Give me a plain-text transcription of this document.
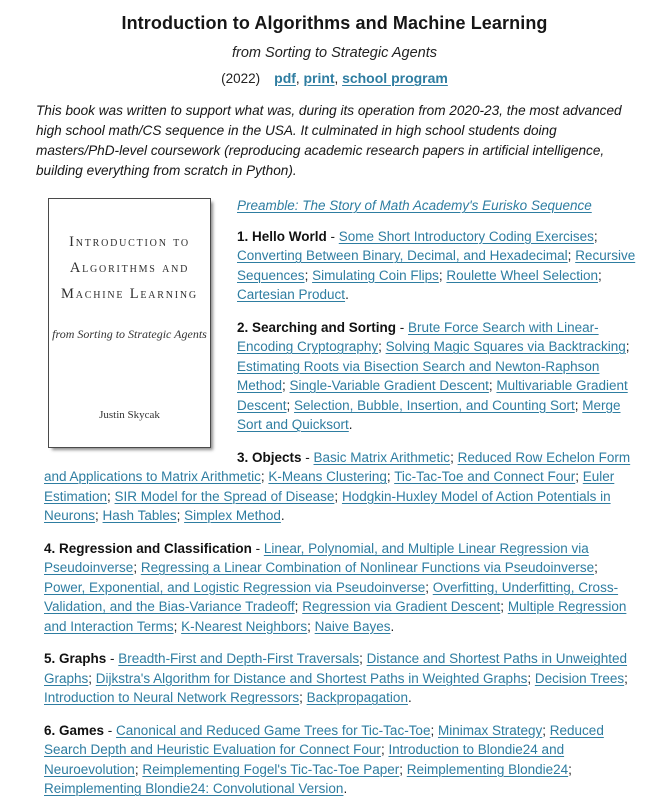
Introduction to Algorithms and Machine Learning
from Sorting to Strategic Agents
(2022) pdf, print, school program

This book was written to support what was, during its operation from 2020-23, the most advanced high school math/CS sequence in the USA. It culminated in high school students doing masters/PhD-level coursework (reproducing academic research papers in artificial intelligence, building everything from scratch in Python).

Introduction to
Algorithms and
Machine Learning
from Sorting to Strategic Agents
Justin Skycak

Preamble: The Story of Math Academy's Eurisko Sequence

1. Hello World - Some Short Introductory Coding Exercises; Converting Between Binary, Decimal, and Hexadecimal; Recursive Sequences; Simulating Coin Flips; Roulette Wheel Selection; Cartesian Product.

2. Searching and Sorting - Brute Force Search with Linear-Encoding Cryptography; Solving Magic Squares via Backtracking; Estimating Roots via Bisection Search and Newton-Raphson Method; Single-Variable Gradient Descent; Multivariable Gradient Descent; Selection, Bubble, Insertion, and Counting Sort; Merge Sort and Quicksort.

3. Objects - Basic Matrix Arithmetic; Reduced Row Echelon Form and Applications to Matrix Arithmetic; K-Means Clustering; Tic-Tac-Toe and Connect Four; Euler Estimation; SIR Model for the Spread of Disease; Hodgkin-Huxley Model of Action Potentials in Neurons; Hash Tables; Simplex Method.

4. Regression and Classification - Linear, Polynomial, and Multiple Linear Regression via Pseudoinverse; Regressing a Linear Combination of Nonlinear Functions via Pseudoinverse; Power, Exponential, and Logistic Regression via Pseudoinverse; Overfitting, Underfitting, Cross-Validation, and the Bias-Variance Tradeoff; Regression via Gradient Descent; Multiple Regression and Interaction Terms; K-Nearest Neighbors; Naive Bayes.

5. Graphs - Breadth-First and Depth-First Traversals; Distance and Shortest Paths in Unweighted Graphs; Dijkstra's Algorithm for Distance and Shortest Paths in Weighted Graphs; Decision Trees; Introduction to Neural Network Regressors; Backpropagation.

6. Games - Canonical and Reduced Game Trees for Tic-Tac-Toe; Minimax Strategy; Reduced Search Depth and Heuristic Evaluation for Connect Four; Introduction to Blondie24 and Neuroevolution; Reimplementing Fogel's Tic-Tac-Toe Paper; Reimplementing Blondie24; Reimplementing Blondie24: Convolutional Version.
